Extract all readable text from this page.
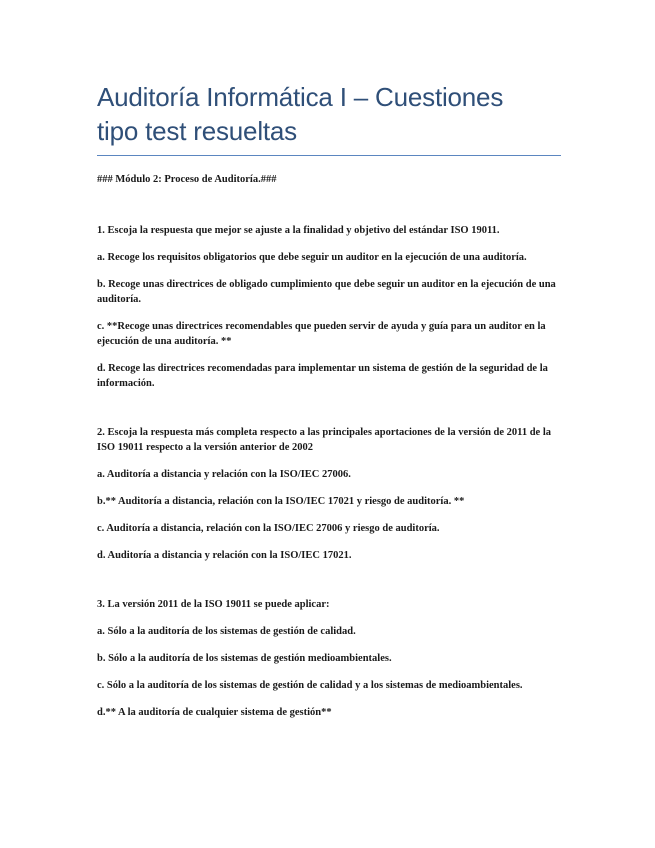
Auditoría Informática I – Cuestiones
tipo test resueltas
### Módulo 2: Proceso de Auditoría.###

1. Escoja la respuesta que mejor se ajuste a la finalidad y objetivo del estándar ISO 19011.

a. Recoge los requisitos obligatorios que debe seguir un auditor en la ejecución de una auditoría.

b. Recoge unas directrices de obligado cumplimiento que debe seguir un auditor en la ejecución de una auditoría.

c. **Recoge unas directrices recomendables que pueden servir de ayuda y guía para un auditor en la ejecución de una auditoría. **

d. Recoge las directrices recomendadas para implementar un sistema de gestión de la seguridad de la información.

2. Escoja la respuesta más completa respecto a las principales aportaciones de la versión de 2011 de la ISO 19011 respecto a la versión anterior de 2002

a. Auditoría a distancia y relación con la ISO/IEC 27006.

b.** Auditoría a distancia, relación con la ISO/IEC 17021 y riesgo de auditoría. **

c. Auditoría a distancia, relación con la ISO/IEC 27006 y riesgo de auditoría.

d. Auditoría a distancia y relación con la ISO/IEC 17021.

3. La versión 2011 de la ISO 19011 se puede aplicar:

a. Sólo a la auditoría de los sistemas de gestión de calidad.

b. Sólo a la auditoría de los sistemas de gestión medioambientales.

c. Sólo a la auditoría de los sistemas de gestión de calidad y a los sistemas de medioambientales.

d.** A la auditoría de cualquier sistema de gestión**
